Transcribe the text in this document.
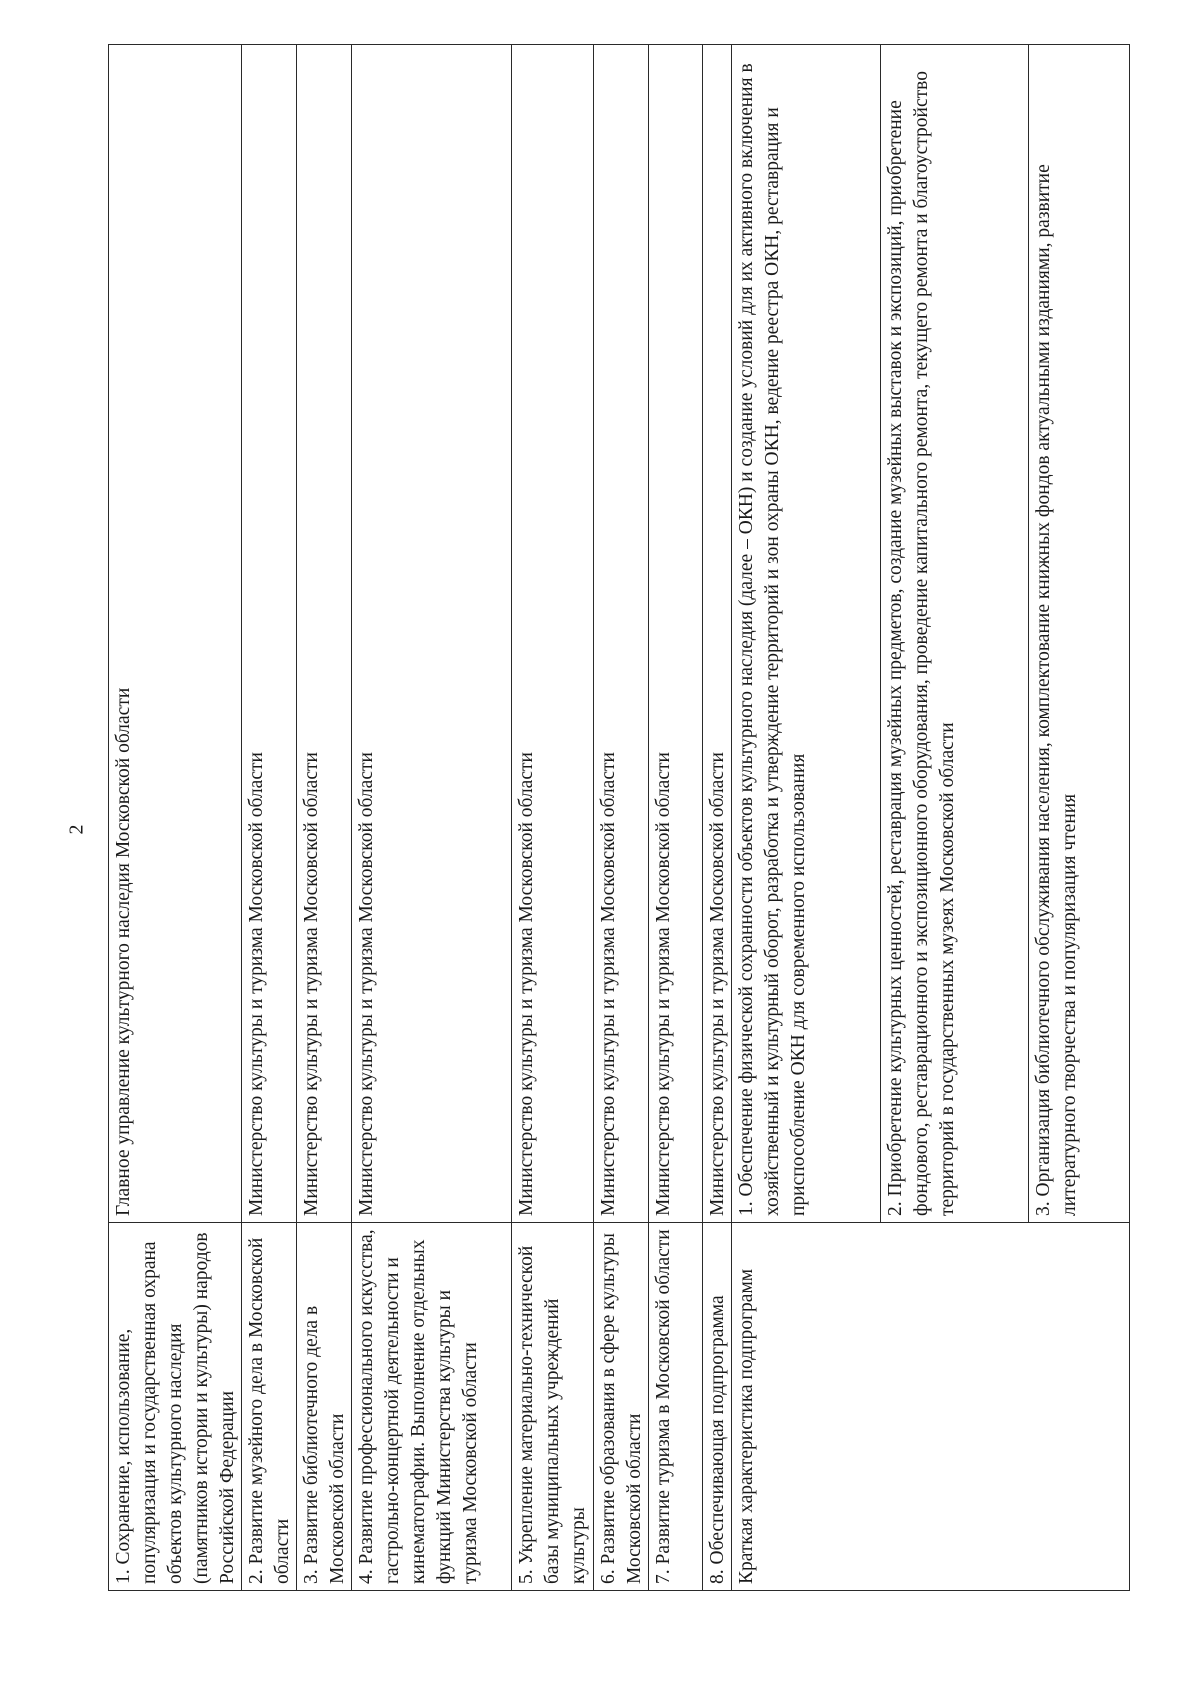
2
1. Сохранение, использование, популяризация и государственная охрана объектов культурного наследия (памятников истории и культуры) народов Российской Федерации	Главное управление культурного наследия Московской области

2. Развитие музейного дела в Московской области	Министерство культуры и туризма Московской области

3. Развитие библиотечного дела в Московской области	Министерство культуры и туризма Московской области

4. Развитие профессионального искусства, гастрольно-концертной деятельности и кинематографии. Выполнение отдельных функций Министерства культуры и туризма Московской области	Министерство культуры и туризма Московской области

5. Укрепление материально-технической базы муниципальных учреждений культуры	Министерство культуры и туризма Московской области

6. Развитие образования в сфере культуры Московской области	Министерство культуры и туризма Московской области

7. Развитие туризма в Московской области	Министерство культуры и туризма Московской области

8. Обеспечивающая подпрограмма	Министерство культуры и туризма Московской области

Краткая характеристика подпрограмм	1. Обеспечение физической сохранности объектов культурного наследия (далее – ОКН) и создание условий для их активного включения в хозяйственный и культурный оборот, разработка и утверждение территорий и зон охраны ОКН, ведение реестра ОКН, реставрация и приспособление ОКН для современного использования

	2. Приобретение культурных ценностей, реставрация музейных предметов, создание музейных выставок и экспозиций, приобретение фондового, реставрационного и экспозиционного оборудования, проведение капитального ремонта, текущего ремонта и благоустройство территорий в государственных музеях Московской области

	3. Организация библиотечного обслуживания населения, комплектование книжных фондов актуальными изданиями, развитие литературного творчества и популяризация чтения
